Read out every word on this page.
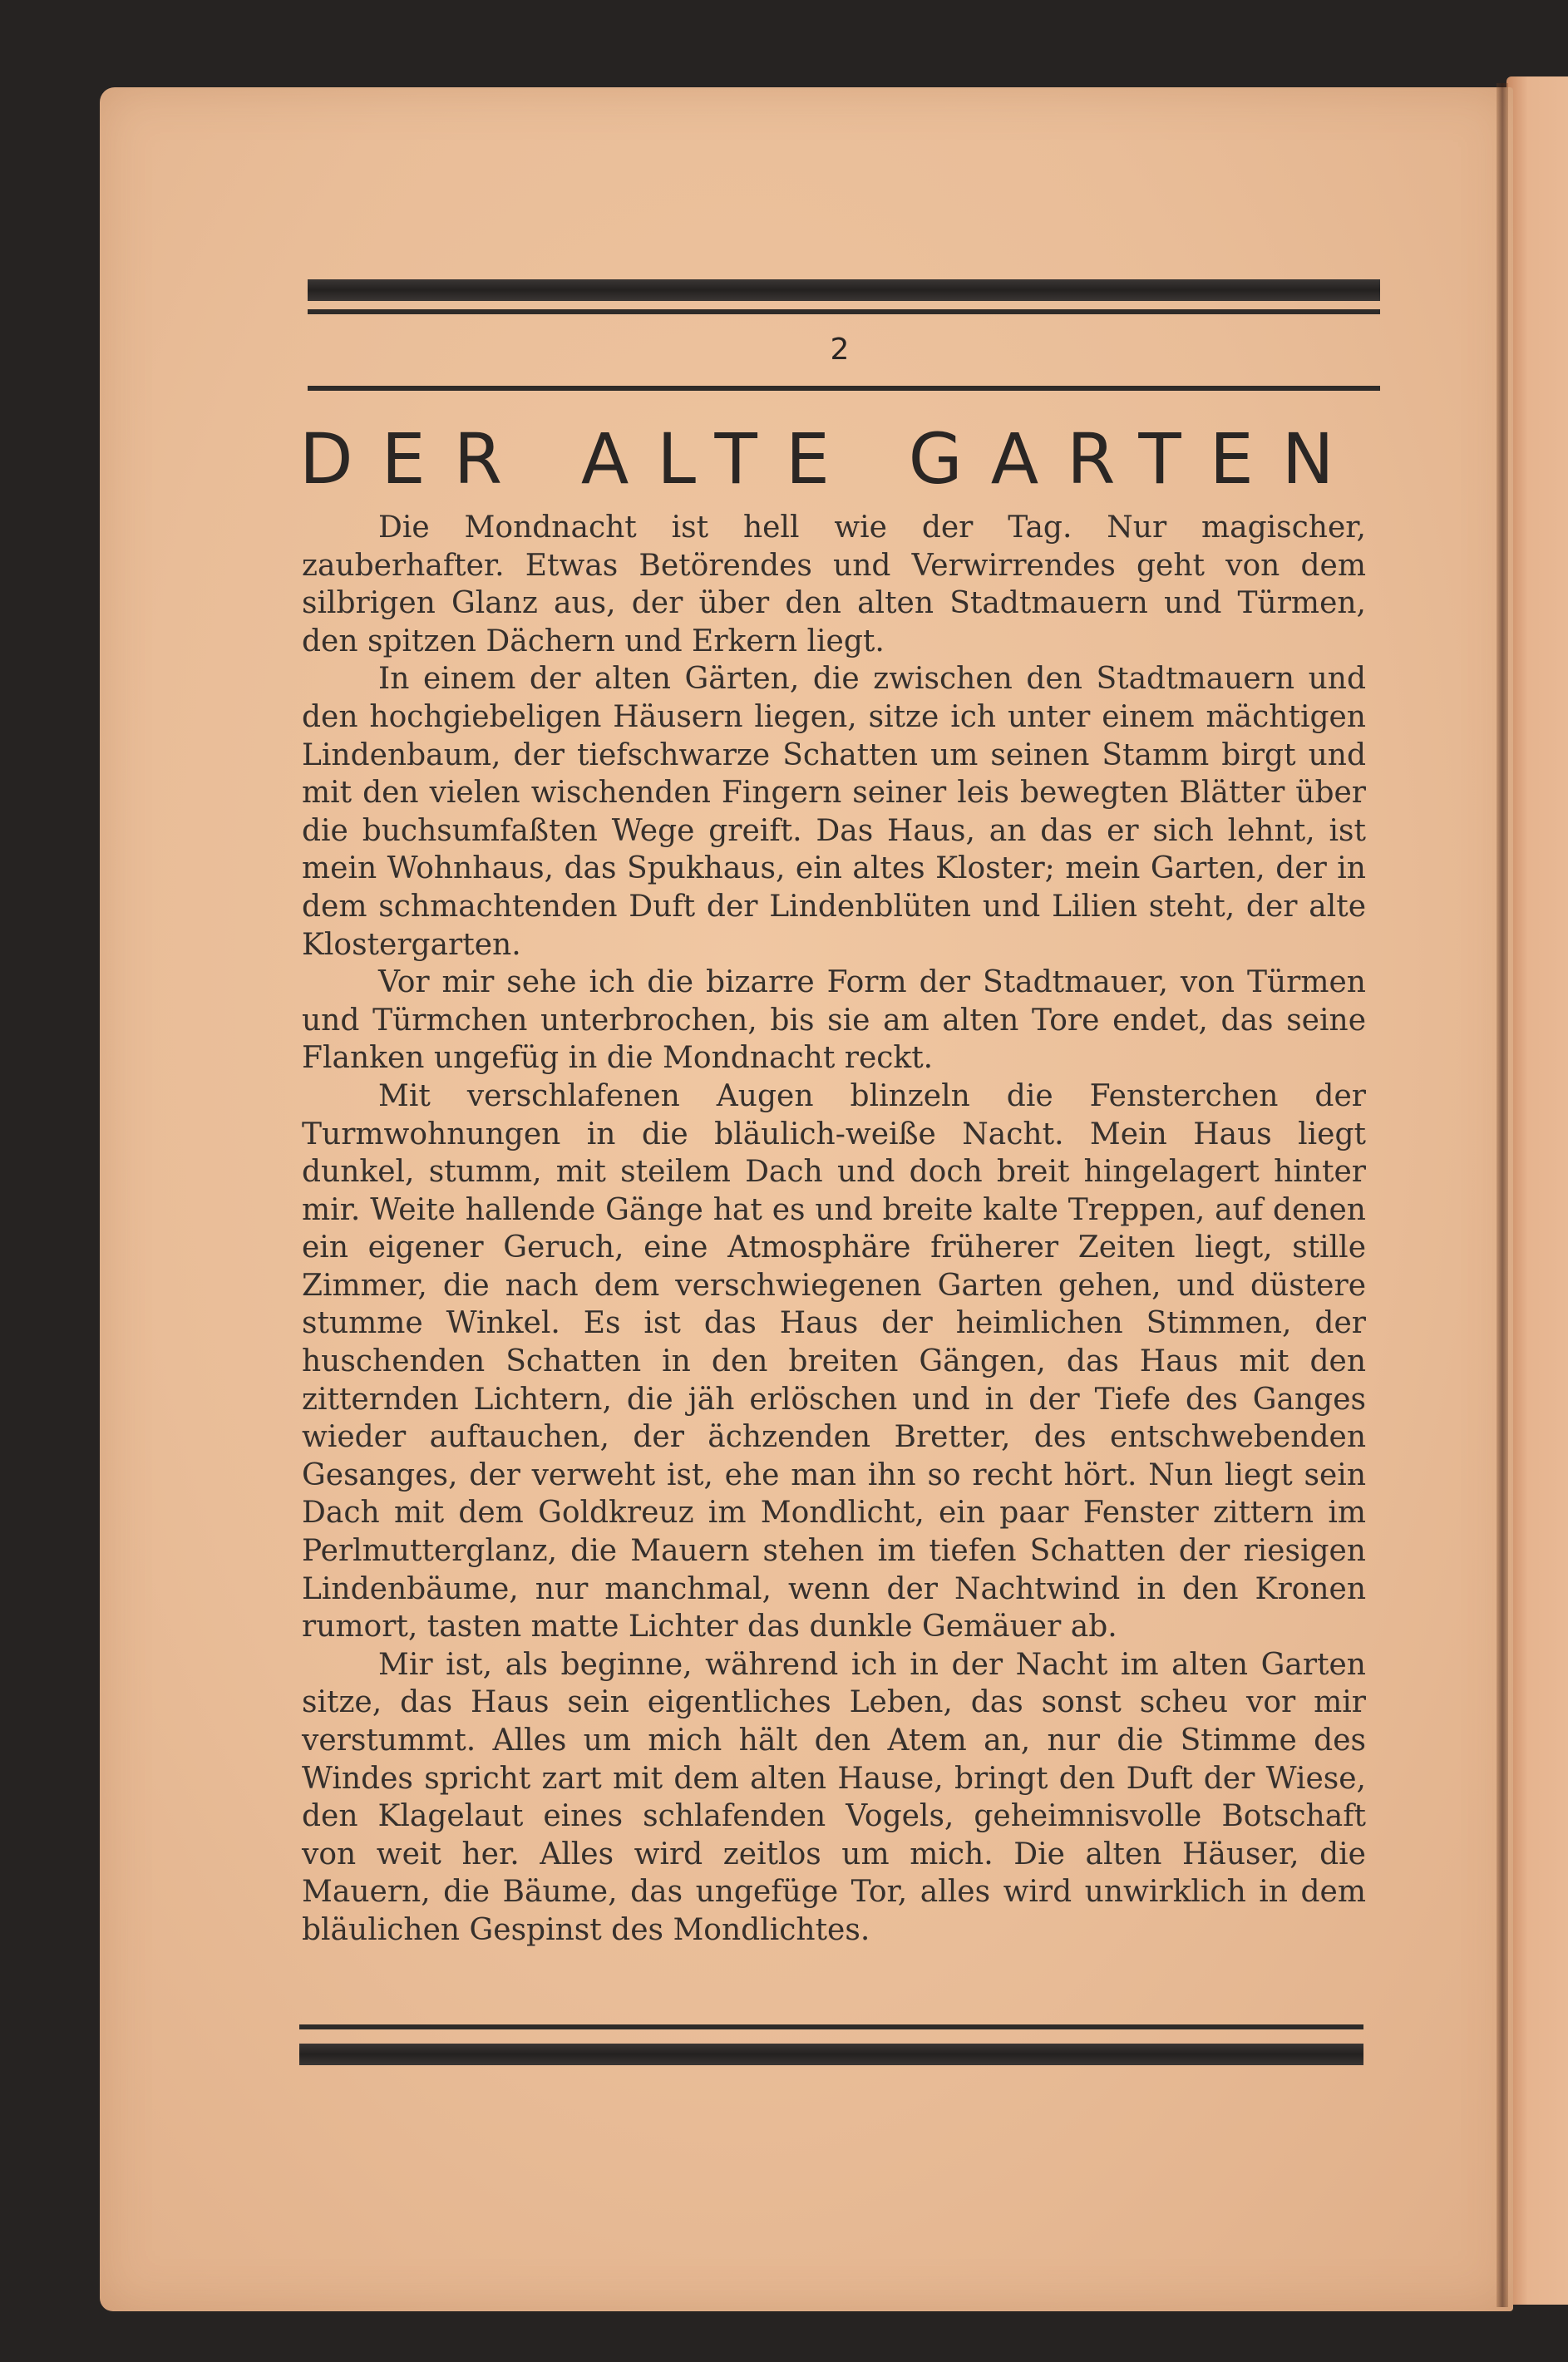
2
DER ALTE GARTEN

Die Mondnacht ist hell wie der Tag. Nur magischer, zauberhafter. Etwas Betörendes und Verwirrendes geht von dem silbrigen Glanz aus, der über den alten Stadtmauern und Türmen, den spitzen Dächern und Erkern liegt.

In einem der alten Gärten, die zwischen den Stadtmauern und den hochgiebeligen Häusern liegen, sitze ich unter einem mächtigen Lindenbaum, der tiefschwarze Schatten um seinen Stamm birgt und mit den vielen wischenden Fingern seiner leis bewegten Blätter über die buchsumfaßten Wege greift. Das Haus, an das er sich lehnt, ist mein Wohnhaus, das Spukhaus, ein altes Kloster; mein Garten, der in dem schmachtenden Duft der Lindenblüten und Lilien steht, der alte Klostergarten.

Vor mir sehe ich die bizarre Form der Stadtmauer, von Türmen und Türmchen unterbrochen, bis sie am alten Tore endet, das seine Flanken ungefüg in die Mondnacht reckt.

Mit verschlafenen Augen blinzeln die Fensterchen der Turmwohnungen in die bläulich-weiße Nacht. Mein Haus liegt dunkel, stumm, mit steilem Dach und doch breit hingelagert hinter mir. Weite hallende Gänge hat es und breite kalte Treppen, auf denen ein eigener Geruch, eine Atmosphäre früherer Zeiten liegt, stille Zimmer, die nach dem verschwiegenen Garten gehen, und düstere stumme Winkel. Es ist das Haus der heimlichen Stimmen, der huschenden Schatten in den breiten Gängen, das Haus mit den zitternden Lichtern, die jäh erlöschen und in der Tiefe des Ganges wieder auftauchen, der ächzenden Bretter, des entschwebenden Gesanges, der verweht ist, ehe man ihn so recht hört. Nun liegt sein Dach mit dem Goldkreuz im Mondlicht, ein paar Fenster zittern im Perlmutterglanz, die Mauern stehen im tiefen Schatten der riesigen Lindenbäume, nur manchmal, wenn der Nachtwind in den Kronen rumort, tasten matte Lichter das dunkle Gemäuer ab.

Mir ist, als beginne, während ich in der Nacht im alten Garten sitze, das Haus sein eigentliches Leben, das sonst scheu vor mir verstummt. Alles um mich hält den Atem an, nur die Stimme des Windes spricht zart mit dem alten Hause, bringt den Duft der Wiese, den Klagelaut eines schlafenden Vogels, geheimnisvolle Botschaft von weit her. Alles wird zeitlos um mich. Die alten Häuser, die Mauern, die Bäume, das ungefüge Tor, alles wird unwirklich in dem bläulichen Gespinst des Mondlichtes.
